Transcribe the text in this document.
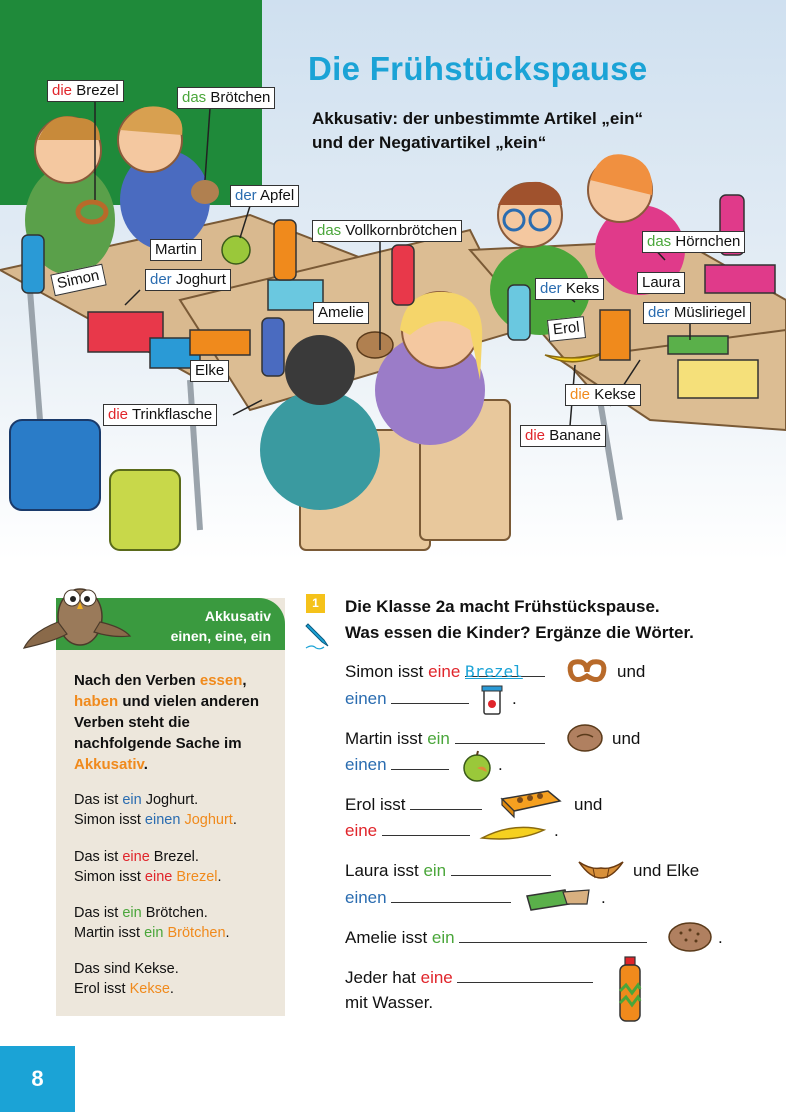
die Brezel	das Brötchen
der Apfel
Martin
Simon	der Joghurt
das Vollkornbrötchen
Amelie
Elke
die Trinkflasche
das Hörnchen
Laura
der Keks
Erol
der Müsliriegel
die Kekse
die Banane
Die Frühstückspause
Akkusativ: der unbestimmte Artikel „ein“
und der Negativartikel „kein“
Akkusativ
einen, eine, ein
Nach den Verben essen, haben und vielen anderen Verben steht die nachfolgende Sache im Akkusativ.
Das ist ein Joghurt.
Simon isst einen Joghurt.
Das ist eine Brezel.
Simon isst eine Brezel.
Das ist ein Brötchen.
Martin isst ein Brötchen.
Das sind Kekse.
Erol isst Kekse.
1	Die Klasse 2a macht Frühstückspause.
Was essen die Kinder? Ergänze die Wörter.
Simon isst eine Brezel	und
einen	.
Martin isst ein	und
einen	.
Erol isst	und
eine	.
Laura isst ein	und Elke
einen	.
Amelie isst ein	.
Jeder hat eine
mit Wasser.
8
